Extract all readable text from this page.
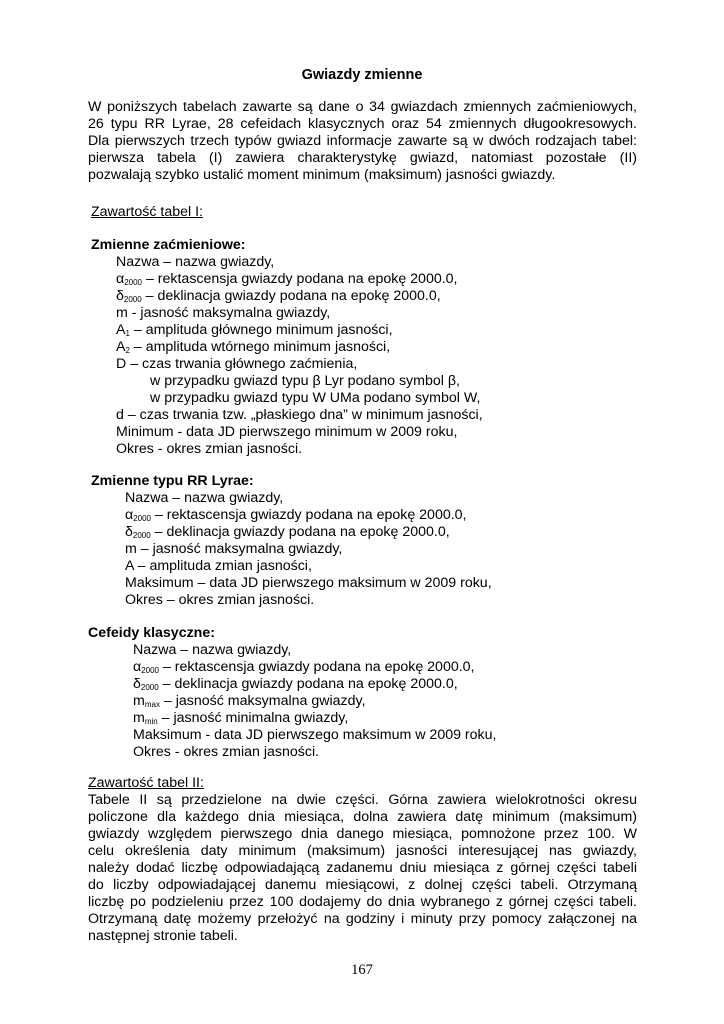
Gwiazdy zmienne
W poniższych tabelach zawarte są dane o 34 gwiazdach zmiennych zaćmieniowych,
26 typu RR Lyrae, 28 cefeidach klasycznych oraz 54 zmiennych długookresowych.
Dla pierwszych trzech typów gwiazd informacje zawarte są w dwóch rodzajach tabel:
pierwsza tabela (I) zawiera charakterystykę gwiazd, natomiast pozostałe (II)
pozwalają szybko ustalić moment minimum (maksimum) jasności gwiazdy.
Zawartość tabel I:
Zmienne zaćmieniowe:
Nazwa – nazwa gwiazdy,
$\alpha_{2000}$ – rektascensja gwiazdy podana na epokę 2000.0,
$\delta_{2000}$ – deklinacja gwiazdy podana na epokę 2000.0,
m - jasność maksymalna gwiazdy,
$A_1$ – amplituda głównego minimum jasności,
$A_2$ – amplituda wtórnego minimum jasności,
D – czas trwania głównego zaćmienia,
w przypadku gwiazd typu β Lyr podano symbol β,
w przypadku gwiazd typu W UMa podano symbol W,
d – czas trwania tzw. „płaskiego dna” w minimum jasności,
Minimum - data JD pierwszego minimum w 2009 roku,
Okres - okres zmian jasności.
Zmienne typu RR Lyrae:
Nazwa – nazwa gwiazdy,
$\alpha_{2000}$ – rektascensja gwiazdy podana na epokę 2000.0,
$\delta_{2000}$ – deklinacja gwiazdy podana na epokę 2000.0,
m – jasność maksymalna gwiazdy,
A – amplituda zmian jasności,
Maksimum – data JD pierwszego maksimum w 2009 roku,
Okres – okres zmian jasności.
Cefeidy klasyczne:
Nazwa – nazwa gwiazdy,
$\alpha_{2000}$ – rektascensja gwiazdy podana na epokę 2000.0,
$\delta_{2000}$ – deklinacja gwiazdy podana na epokę 2000.0,
$m_{max}$ – jasność maksymalna gwiazdy,
$m_{min}$ – jasność minimalna gwiazdy,
Maksimum - data JD pierwszego maksimum w 2009 roku,
Okres - okres zmian jasności.
Zawartość tabel II:
Tabele II są przedzielone na dwie części. Górna zawiera wielokrotności okresu
policzone dla każdego dnia miesiąca, dolna zawiera datę minimum (maksimum)
gwiazdy względem pierwszego dnia danego miesiąca, pomnożone przez 100. W
celu określenia daty minimum (maksimum) jasności interesującej nas gwiazdy,
należy dodać liczbę odpowiadającą zadanemu dniu miesiąca z górnej części tabeli
do liczby odpowiadającej danemu miesiącowi, z dolnej części tabeli. Otrzymaną
liczbę po podzieleniu przez 100 dodajemy do dnia wybranego z górnej części tabeli.
Otrzymaną datę możemy przełożyć na godziny i minuty przy pomocy załączonej na
następnej stronie tabeli.
167
